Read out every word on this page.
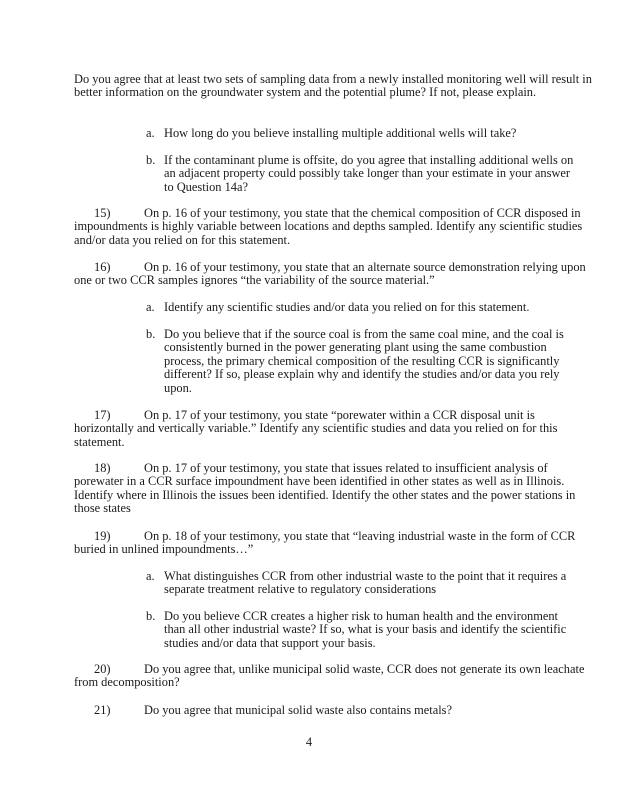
Do you agree that at least two sets of sampling data from a newly installed monitoring well will result in better information on the groundwater system and the potential plume? If not, please explain.

a. How long do you believe installing multiple additional wells will take?
b. If the contaminant plume is offsite, do you agree that installing additional wells on an adjacent property could possibly take longer than your estimate in your answer to Question 14a?
15)	On p. 16 of your testimony, you state that the chemical composition of CCR disposed in impoundments is highly variable between locations and depths sampled. Identify any scientific studies and/or data you relied on for this statement.
16)	On p. 16 of your testimony, you state that an alternate source demonstration relying upon one or two CCR samples ignores “the variability of the source material.”
a. Identify any scientific studies and/or data you relied on for this statement.
b. Do you believe that if the source coal is from the same coal mine, and the coal is consistently burned in the power generating plant using the same combustion process, the primary chemical composition of the resulting CCR is significantly different? If so, please explain why and identify the studies and/or data you rely upon.
17)	On p. 17 of your testimony, you state “porewater within a CCR disposal unit is horizontally and vertically variable.” Identify any scientific studies and data you relied on for this statement.
18)	On p. 17 of your testimony, you state that issues related to insufficient analysis of porewater in a CCR surface impoundment have been identified in other states as well as in Illinois. Identify where in Illinois the issues been identified. Identify the other states and the power stations in those states
19)	On p. 18 of your testimony, you state that “leaving industrial waste in the form of CCR buried in unlined impoundments…”
a. What distinguishes CCR from other industrial waste to the point that it requires a separate treatment relative to regulatory considerations
b. Do you believe CCR creates a higher risk to human health and the environment than all other industrial waste? If so, what is your basis and identify the scientific studies and/or data that support your basis.
20)	Do you agree that, unlike municipal solid waste, CCR does not generate its own leachate from decomposition?
21)	Do you agree that municipal solid waste also contains metals?
4
